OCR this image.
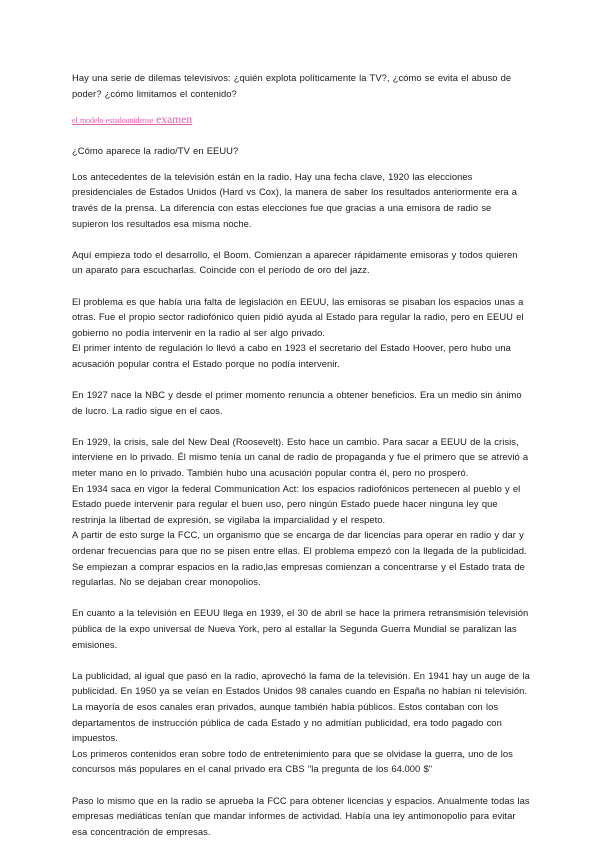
Hay una serie de dilemas televisivos: ¿quién explota políticamente la TV?, ¿cómo se evita el abuso de poder? ¿cómo limitamos el contenido?

el modelo estadounidense examen

¿Cómo aparece la radio/TV en EEUU?

Los antecedentes de la televisión están en la radio. Hay una fecha clave, 1920 las elecciones presidenciales de Estados Unidos (Hard vs Cox), la manera de saber los resultados anteriormente era a través de la prensa. La diferencia con estas elecciones fue que gracias a una emisora de radio se supieron los resultados esa misma noche.

Aquí empieza todo el desarrollo, el Boom. Comienzan a aparecer rápidamente emisoras y todos quieren un aparato para escucharlas. Coincide con el período de oro del jazz.

El problema es que había una falta de legislación en EEUU, las emisoras se pisaban los espacios unas a otras. Fue el propio sector radiofónico quien pidió ayuda al Estado para regular la radio, pero en EEUU el gobierno no podía intervenir en la radio al ser algo privado.

El primer intento de regulación lo llevó a cabo en 1923 el secretario del Estado Hoover, pero hubo una acusación popular contra el Estado porque no podía intervenir.

En 1927 nace la NBC y desde el primer momento renuncia a obtener beneficios. Era un medio sin ánimo de lucro. La radio sigue en el caos.

En 1929, la crisis, sale del New Deal (Roosevelt). Esto hace un cambio. Para sacar a EEUU de la crisis, interviene en lo privado. Él mismo tenía un canal de radio de propaganda y fue el primero que se atrevió a meter mano en lo privado. También hubo una acusación popular contra él, pero no prosperó.

En 1934 saca en vigor la federal Communication Act: los espacios radiofónicos pertenecen al pueblo y el Estado puede intervenir para regular el buen uso, pero ningún Estado puede hacer ninguna ley que restrinja la libertad de expresión, se vigilaba la imparcialidad y el respeto.

A partir de esto surge la FCC, un organismo que se encarga de dar licencias para operar en radio y dar y ordenar frecuencias para que no se pisen entre ellas. El problema empezó con la llegada de la publicidad. Se empiezan a comprar espacios en la radio,las empresas comienzan a concentrarse y el Estado trata de regularlas. No se dejaban crear monopolios.

En cuanto a la televisión en EEUU llega en 1939, el 30 de abril se hace la primera retransmisión televisión pública de la expo universal de Nueva York, pero al estallar la Segunda Guerra Mundial se paralizan las emisiones.

La publicidad, al igual que pasó en la radio, aprovechó la fama de la televisión. En 1941 hay un auge de la publicidad. En 1950 ya se veían en Estados Unidos 98 canales cuando en España no habían ni televisión.

La mayoría de esos canales eran privados, aunque también había públicos. Estos contaban con los departamentos de instrucción pública de cada Estado y no admitían publicidad, era todo pagado con impuestos.

Los primeros contenidos eran sobre todo de entretenimiento para que se olvidase la guerra, uno de los concursos más populares en el canal privado era CBS "la pregunta de los 64.000 $"

Paso lo mismo que en la radio se aprueba la FCC para obtener licencias y espacios. Anualmente todas las empresas mediáticas tenían que mandar informes de actividad. Había una ley antimonopolio para evitar esa concentración de empresas.
